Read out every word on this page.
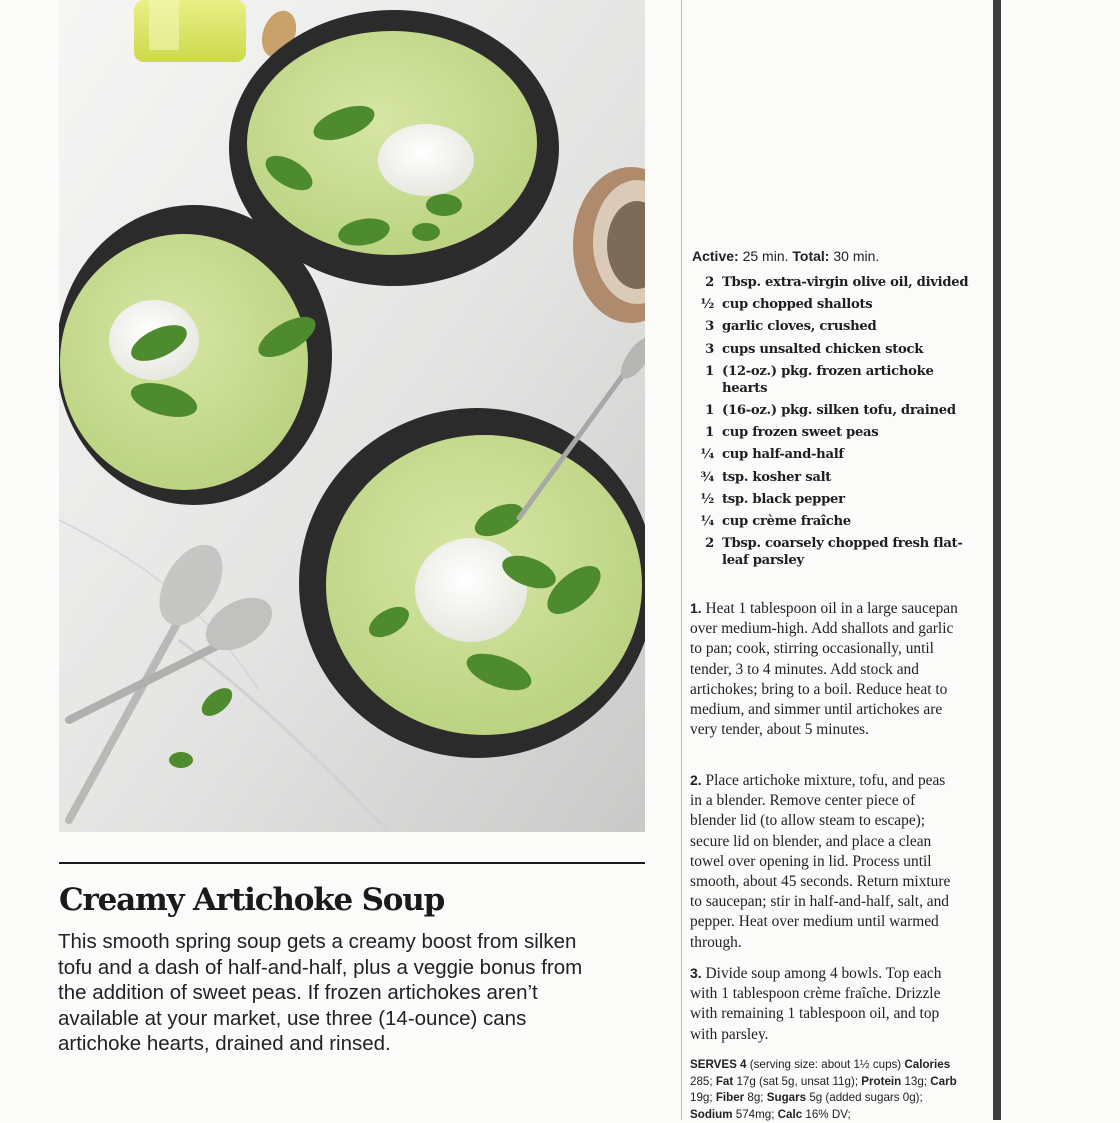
Creamy Artichoke Soup

This smooth spring soup gets a creamy boost from silken tofu and a dash of half-and-half, plus a veggie bonus from the addition of sweet peas. If frozen artichokes aren’t available at your market, use three (14-ounce) cans artichoke hearts, drained and rinsed.

Active: 25 min. Total: 30 min.

2 Tbsp. extra-virgin olive oil, divided
½ cup chopped shallots
3 garlic cloves, crushed
3 cups unsalted chicken stock
1 (12-oz.) pkg. frozen artichoke hearts
1 (16-oz.) pkg. silken tofu, drained
1 cup frozen sweet peas
¼ cup half-and-half
¾ tsp. kosher salt
½ tsp. black pepper
¼ cup crème fraîche
2 Tbsp. coarsely chopped fresh flat-leaf parsley

1. Heat 1 tablespoon oil in a large saucepan over medium-high. Add shallots and garlic to pan; cook, stirring occasionally, until tender, 3 to 4 minutes. Add stock and artichokes; bring to a boil. Reduce heat to medium, and simmer until artichokes are very tender, about 5 minutes.

2. Place artichoke mixture, tofu, and peas in a blender. Remove center piece of blender lid (to allow steam to escape); secure lid on blender, and place a clean towel over opening in lid. Process until smooth, about 45 seconds. Return mixture to saucepan; stir in half-and-half, salt, and pepper. Heat over medium until warmed through.

3. Divide soup among 4 bowls. Top each with 1 tablespoon crème fraîche. Drizzle with remaining 1 tablespoon oil, and top with parsley.

SERVES 4 (serving size: about 1½ cups) Calories 285; Fat 17g (sat 5g, unsat 11g); Protein 13g; Carb 19g; Fiber 8g; Sugars 5g (added sugars 0g); Sodium 574mg; Calc 16% DV;
